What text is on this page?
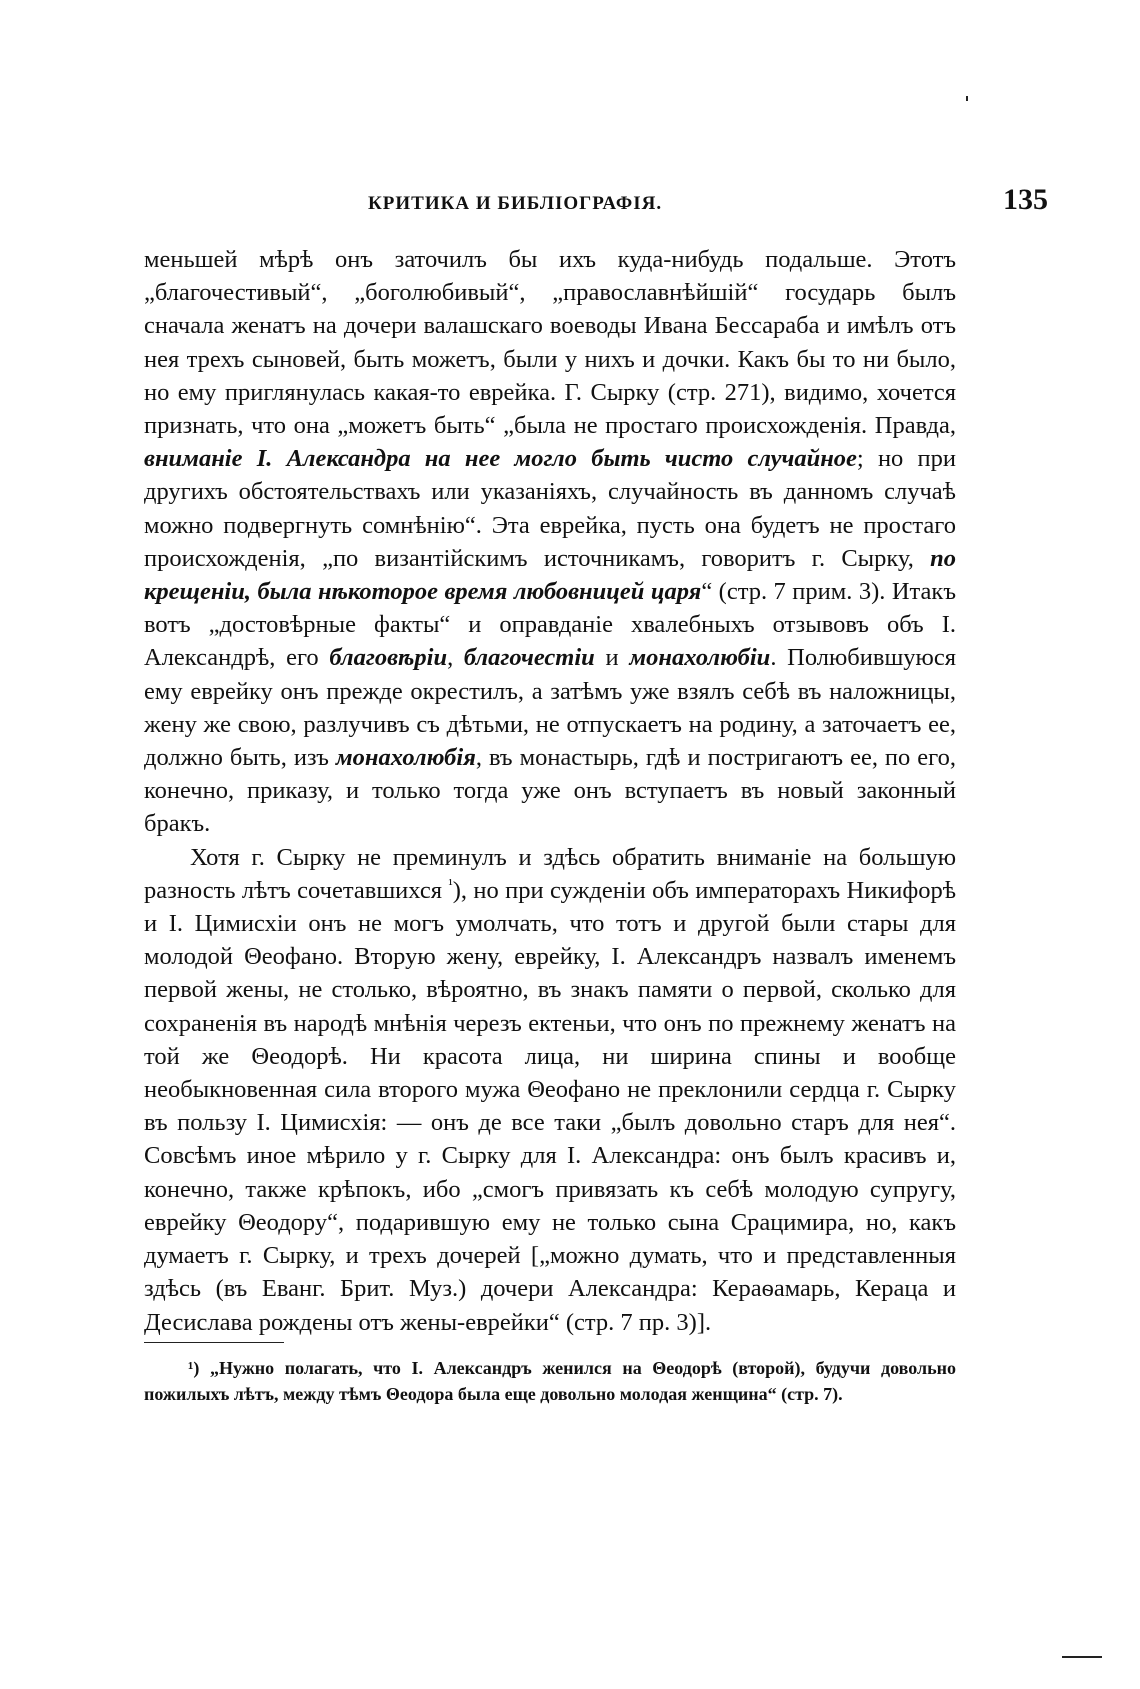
КРИТИКА И БИБЛІОГРАФІЯ.	135

меньшей мѣрѣ онъ заточилъ бы ихъ куда-нибудь подальше. Этотъ „благочестивый“, „боголюбивый“, „православнѣйшій“ государь былъ сначала женатъ на дочери валашскаго воеводы Ивана Бессараба и имѣлъ отъ нея трехъ сыновей, быть можетъ, были у нихъ и дочки. Какъ бы то ни было, но ему приглянулась какая-то еврейка. Г. Сырку (стр. 271), видимо, хочется признать, что она „можетъ быть“ „была не простаго происхожденія. Правда, вниманіе І. Александра на нее могло быть чисто случайное; но при другихъ обстоятельствахъ или указаніяхъ, случайность въ данномъ случаѣ можно подвергнуть сомнѣнію“. Эта еврейка, пусть она будетъ не простаго происхожденія, „по византійскимъ источникамъ, говоритъ г. Сырку, по крещеніи, была нѣкоторое время любовницей царя“ (стр. 7 прим. 3). Итакъ вотъ „достовѣрные факты“ и оправданіе хвалебныхъ отзывовъ объ І. Александрѣ, его благовѣріи, благочестіи и монахолюбіи. Полюбившуюся ему еврейку онъ прежде окрестилъ, а затѣмъ уже взялъ себѣ въ наложницы, жену же свою, разлучивъ съ дѣтьми, не отпускаетъ на родину, а заточаетъ ее, должно быть, изъ монахолюбія, въ монастырь, гдѣ и постригаютъ ее, по его, конечно, приказу, и только тогда уже онъ вступаетъ въ новый законный бракъ.

Хотя г. Сырку не преминулъ и здѣсь обратить вниманіе на большую разность лѣтъ сочетавшихся $^{^1}$), но при сужденіи объ императорахъ Никифорѣ и І. Цимисхіи онъ не могъ умолчать, что тотъ и другой были стары для молодой Θеофано. Вторую жену, еврейку, І. Александръ назвалъ именемъ первой жены, не столько, вѣроятно, въ знакъ памяти о первой, сколько для сохраненія въ народѣ мнѣнія черезъ ектеньи, что онъ по прежнему женатъ на той же Θеодорѣ. Ни красота лица, ни ширина спины и вообще необыкновенная сила второго мужа Θеофано не преклонили сердца г. Сырку въ пользу І. Цимисхія: — онъ де все таки „былъ довольно старъ для нея“. Совсѣмъ иное мѣрило у г. Сырку для І. Александра: онъ былъ красивъ и, конечно, также крѣпокъ, ибо „смогъ привязать къ себѣ молодую супругу, еврейку Θеодору“, подарившую ему не только сына Срацимира, но, какъ думаетъ г. Сырку, и трехъ дочерей [„можно думать, что и представленныя здѣсь (въ Еванг. Брит. Муз.) дочери Александра: Кераѳамарь, Кераца и Десислава рождены отъ жены-еврейки“ (стр. 7 пр. 3)].

¹) „Нужно полагать, что І. Александръ женился на Θеодорѣ (второй), будучи довольно пожилыхъ лѣтъ, между тѣмъ Θеодора была еще довольно молодая женщина“ (стр. 7).
